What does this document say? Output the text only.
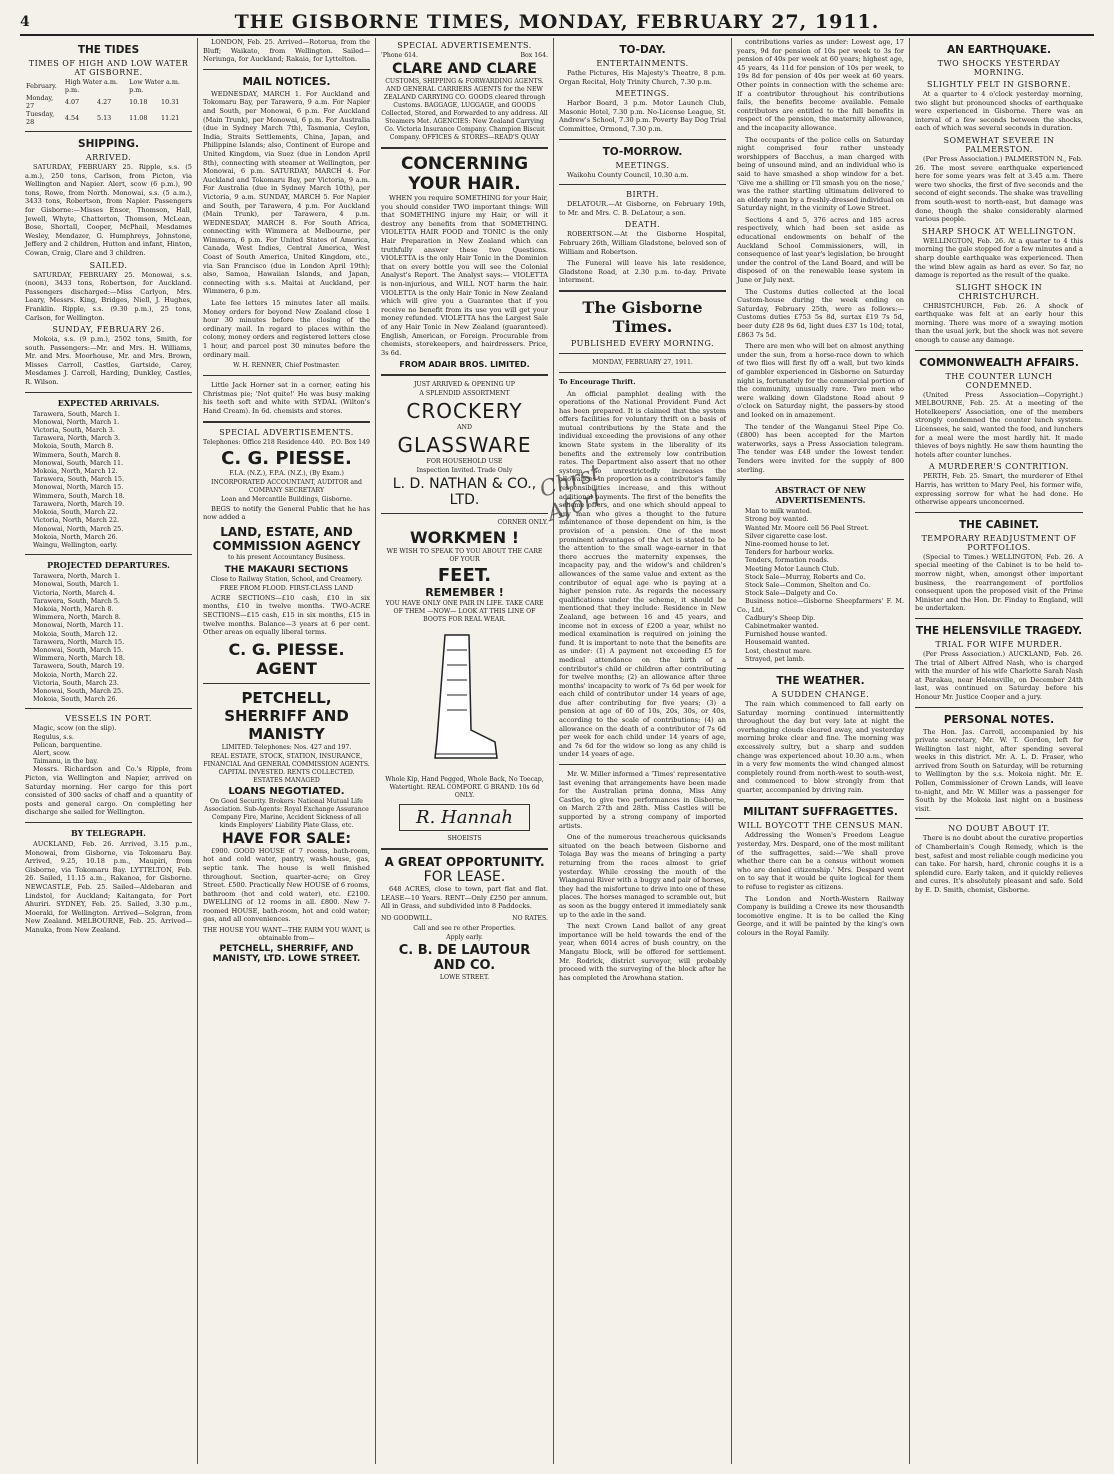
4	THE GISBORNE TIMES, MONDAY, FEBRUARY 27, 1911.
THE TIDES
TIMES OF HIGH AND LOW WATER AT GISBORNE.
February.	High Water a.m. p.m.		Low Water a.m. p.m.	
Monday, 27	4.07	4.27	10.18	10.31
Tuesday, 28	4.54	5.13	11.08	11.21
SHIPPING.
ARRIVED.

SATURDAY, FEBRUARY 25. Ripple, s.s. (5 a.m.), 250 tons, Carlson, from Picton, via Wellington and Napier. Alert, scow (6 p.m.), 90 tons, Rowe, from North. Monowai, s.s. (5 a.m.), 3433 tons, Robertson, from Napier. Passengers for Gisborne:—Misses Ensor, Thomson, Hall, Jewell, Whyte, Chatterton, Thomson, McLean, Bose, Shortall, Cooper, McPhail, Mesdames Wesley, Mendazer, G. Humphreys, Johnstone, Jeffery and 2 children, Hutton and infant, Hinton, Cowan, Craig, Clare and 3 children.

SAILED.

SATURDAY, FEBRUARY 25. Monowai, s.s. (noon), 3433 tons, Robertson, for Auckland. Passengers discharged:—Miss Carlyon, Mrs. Leary, Messrs. King, Bridges, Niell, J. Hughes, Franklin. Ripple, s.s. (9.30 p.m.), 25 tons, Carlson, for Wellington.

SUNDAY, FEBRUARY 26.

Mokoia, s.s. (9 p.m.), 2502 tons, Smith, for south. Passengers:—Mr. and Mrs. H. Williams, Mr. and Mrs. Moorhouse, Mr. and Mrs. Brown, Misses Carroll, Castles, Gartside, Carey, Mesdames J. Carroll, Harding, Dunkley, Castles, R. Wilson.

EXPECTED ARRIVALS.

Tarawera, South, March 1.

Monowai, North, March 1.

Victoria, South, March 3.

Tarawera, North, March 3.

Mokoia, South, March 8.

Wimmera, South, March 8.

Monowai, South, March 11.

Mokoia, North, March 12.

Tarawera, South, March 15.

Monowai, North, March 15.

Wimmera, South, March 18.

Tarawera, North, March 19.

Mokoia, South, March 22.

Victoria, North, March 22.

Monowai, North, March 25.

Mokoia, North, March 26.

Waingu, Wellington, early.

PROJECTED DEPARTURES.

Tarawera, North, March 1.

Monowai, South, March 1.

Victoria, North, March 4.

Tarawera, South, March 5.

Mokoia, North, March 8.

Wimmera, North, March 8.

Monowai, North, March 11.

Mokoia, South, March 12.

Tarawera, North, March 15.

Monowai, South, March 15.

Wimmera, North, March 18.

Tarawera, South, March 19.

Mokoia, North, March 22.

Victoria, South, March 23.

Monowai, South, March 25.

Mokoia, South, March 26.

VESSELS IN PORT.

Magic, scow (on the slip).

Regulus, s.s.

Pelican, barquentine.

Alert, scow.

Taimanu, in the bay.

Messrs. Richardson and Co.'s Ripple, from Picton, via Wellington and Napier, arrived on Saturday morning. Her cargo for this port consisted of 300 sacks of chaff and a quantity of posts and general cargo. On completing her discharge she sailed for Wellington.

BY TELEGRAPH.

AUCKLAND, Feb. 26. Arrived, 3.15 p.m., Monowai, from Gisborne, via Tokomaru Bay. Arrived, 9.25, 10.18 p.m., Maupiri, from Gisborne, via Tokomaru Bay. LYTTELTON, Feb. 26. Sailed, 11.15 a.m., Rakanoa, for Gisborne. NEWCASTLE, Feb. 25. Sailed—Aldebaran and Lindstol, for Auckland; Kaitangata, for Port Ahuriri. SYDNEY, Feb. 25. Sailed, 3.30 p.m., Moeraki, for Wellington. Arrived—Solgran, from New Zealand. MELBOURNE, Feb. 25. Arrived—Manuka, from New Zealand.

LONDON, Feb. 25. Arrived—Rotorua, from the Bluff; Waikato, from Wellington. Sailed—Neriunga, for Auckland; Rakaia, for Lyttelton.

MAIL NOTICES.

WEDNESDAY, MARCH 1. For Auckland and Tokomaru Bay, per Tarawera, 9 a.m. For Napier and South, per Monowai, 6 p.m. For Auckland (Main Trunk), per Monowai, 6 p.m. For Australia (due in Sydney March 7th), Tasmania, Ceylon, India, Straits Settlements, China, Japan, and Philippine Islands; also, Continent of Europe and United Kingdom, via Suez (due in London April 8th), connecting with steamer at Wellington, per Monowai, 6 p.m. SATURDAY, MARCH 4. For Auckland and Tokomaru Bay, per Victoria, 9 a.m. For Australia (due in Sydney March 10th), per Victoria, 9 a.m. SUNDAY, MARCH 5. For Napier and South, per Tarawera, 4 p.m. For Auckland (Main Trunk), per Tarawera, 4 p.m. WEDNESDAY, MARCH 8. For South Africa, connecting with Wimmera at Melbourne, per Wimmera, 6 p.m. For United States of America, Canada, West Indies, Central America, West Coast of South America, United Kingdom, etc., via San Francisco (due in London April 19th); also, Samoa, Hawaiian Islands, and Japan, connecting with s.s. Maitai at Auckland, per Wimmera, 6 p.m.

Late fee letters 15 minutes later all mails. Money orders for beyond New Zealand close 1 hour 30 minutes before the closing of the ordinary mail. In regard to places within the colony, money orders and registered letters close 1 hour, and parcel post 30 minutes before the ordinary mail.

W. H. RENNER, Chief Postmaster.

Little Jack Horner sat in a corner, eating his Christmas pie; 'Not quite!' He was busy making his teeth soft and white with SYDAL (Wilton's Hand Cream). In 6d. chemists and stores.

SPECIAL ADVERTISEMENTS.
Telephones: Office 218 Residence 440. P.O. Box 149
C. G. PIESSE.

F.I.A. (N.Z.), F.P.A. (N.Z.), (By Exam.)

INCORPORATED ACCOUNTANT, AUDITOR and COMPANY SECRETARY

Loan and Mercantile Buildings, Gisborne.

BEGS to notify the General Public that he has now added a

LAND, ESTATE, AND COMMISSION AGENCY

to his present Accountancy Business.

THE MAKAURI SECTIONS

Close to Railway Station, School, and Creamery.

FREE FROM FLOOD. FIRST-CLASS LAND

ACRE SECTIONS—£10 cash, £10 in six months, £10 in twelve months. TWO-ACRE SECTIONS—£15 cash, £15 in six months, £15 in twelve months. Balance—3 years at 6 per cent. Other areas on equally liberal terms.

C. G. PIESSE. AGENT
PETCHELL, SHERRIFF AND MANISTY

LIMITED. Telephones: Nos. 427 and 197.

REAL ESTATE, STOCK, STATION, INSURANCE, FINANCIAL And GENERAL COMMISSION AGENTS. CAPITAL INVESTED. RENTS COLLECTED. ESTATES MANAGED

LOANS NEGOTIATED.

On Good Security. Brokers: National Mutual Life Association. Sub-Agents: Royal Exchange Assurance Company Fire, Marine, Accident Sickness of all kinds Employers' Liability Plate Glass, etc.

HAVE FOR SALE:

£900. GOOD HOUSE of 7 rooms, bath-room, hot and cold water, pantry, wash-house, gas, septic tank. The house is well finished throughout. Section, quarter-acre; on Grey Street. £500. Practically New HOUSE of 6 rooms, bathroom (hot and cold water), etc. £2100. DWELLING of 12 rooms in all. £800. New 7-roomed HOUSE, bath-room, hot and cold water; gas, and all conveniences.

THE HOUSE YOU WANT—THE FARM YOU WANT, is obtainable from—

PETCHELL, SHERRIFF, AND MANISTY, LTD. LOWE STREET.
SPECIAL ADVERTISEMENTS.
'Phone 614.	Box 164.
CLARE AND CLARE

CUSTOMS, SHIPPING & FORWARDING AGENTS. AND GENERAL CARRIERS AGENTS for the NEW ZEALAND CARRYING CO. GOODS cleared through Customs. BAGGAGE, LUGGAGE, and GOODS Collected, Stored, and Forwarded to any address. All Steamers Met. AGENCIES: New Zealand Carrying Co. Victoria Insurance Company. Champion Biscuit Company. OFFICES & STORES—READ'S QUAY

CONCERNING YOUR HAIR.

WHEN you require SOMETHING for your Hair, you should consider TWO important things: Will that SOMETHING injure my Hair, or will it destroy any benefits from that SOMETHING. VIOLETTA HAIR FOOD and TONIC is the only Hair Preparation in New Zealand which can truthfully answer these two Questions. VIOLETTA is the only Hair Tonic in the Dominion that on every bottle you will see the Colonial Analyst's Report. The Analyst says:— VIOLETTA is non-injurious, and WILL NOT harm the hair. VIOLETTA is the only Hair Tonic in New Zealand which will give you a Guarantee that if you receive no benefit from its use you will get your money refunded. VIOLETTA has the Largest Sale of any Hair Tonic in New Zealand (guaranteed). English, American, or Foreign. Procurable from chemists, storekeepers, and hairdressers. Price, 3s 6d.

FROM ADAIR BROS. LIMITED.

JUST ARRIVED & OPENING UP

A SPLENDID ASSORTMENT

CROCKERY

AND

GLASSWARE

FOR HOUSEHOLD USE

Inspection Invited. Trade Only

L. D. NATHAN & CO., LTD.

CORNER ONLY.

WORKMEN !

WE WISH TO SPEAK TO YOU ABOUT THE CARE OF YOUR

FEET.
REMEMBER !

YOU HAVE ONLY ONE PAIR IN LIFE. TAKE CARE OF THEM —NOW— LOOK AT THIS LINE OF BOOTS FOR REAL WEAR.

Whole Kip, Hand Pegged, Whole Back, No Toecap, Watertight. REAL COMFORT. G BRAND. 10s 6d ONLY.

R. Hannah

SHOEISTS

A GREAT OPPORTUNITY.
FOR LEASE.

648 ACRES, close to town, part flat and flat. LEASE—10 Years. RENT—Only £250 per annum. All in Grass, and subdivided into 8 Paddocks.

NO GOODWILL.	NO RATES.

Call and see re other Properties.

Apply early.

C. B. DE LAUTOUR AND CO.

LOWE STREET.

TO-DAY.
ENTERTAINMENTS.

Pathe Pictures, His Majesty's Theatre, 8 p.m. Organ Recital, Holy Trinity Church, 7.30 p.m.

MEETINGS.

Harbor Board, 3 p.m. Motor Launch Club, Masonic Hotel, 7.30 p.m. No-License League, St. Andrew's School, 7.30 p.m. Poverty Bay Dog Trial Committee, Ormond, 7.30 p.m.

TO-MORROW.
MEETINGS.

Waikohu County Council, 10.30 a.m.

BIRTH.

DELATOUR.—At Gisborne, on February 19th, to Mr. and Mrs. C. B. DeLatour, a son.

DEATH.

ROBERTSON.—At the Gisborne Hospital, February 26th, William Gladstone, beloved son of William and Robertson.

The Funeral will leave his late residence, Gladstone Road, at 2.30 p.m. to-day. Private interment.

The Gisborne Times.
PUBLISHED EVERY MORNING.

MONDAY, FEBRUARY 27, 1911.

To Encourage Thrift.

An official pamphlet dealing with the operations of the National Provident Fund Act has been prepared. It is claimed that the system offers facilities for voluntary thrift on a basis of mutual contributions by the State and the individual exceeding the provisions of any other known State system in the liberality of its benefits and the extremely low contribution rates. The Department also assert that no other system so unrestrictedly increases the allowances in proportion as a contributor's family responsibilities increase, and this without additional payments. The first of the benefits the scheme offers, and one which should appeal to any man who gives a thought to the future maintenance of those dependent on him, is the provision of a pension. One of the most prominent advantages of the Act is stated to be the attention to the small wage-earner in that there accrues the maternity expenses, the incapacity pay, and the widow's and children's allowances of the same value and extent as the contributor of equal age who is paying at a higher pension rate. As regards the necessary qualifications under the scheme, it should be mentioned that they include: Residence in New Zealand, age between 16 and 45 years, and income not in excess of £200 a year, whilst no medical examination is required on joining the fund. It is important to note that the benefits are as under: (1) A payment not exceeding £5 for medical attendance on the birth of a contributor's child or children after contributing for twelve months; (2) an allowance after three months' incapacity to work of 7s 6d per week for each child of contributor under 14 years of age, due after contributing for five years; (3) a pension at age of 60 of 10s, 20s, 30s, or 40s, according to the scale of contributions; (4) an allowance on the death of a contributor of 7s 6d per week for each child under 14 years of age, and 7s 6d for the widow so long as any child is under 14 years of age.

Mr. W. Miller informed a 'Times' representative last evening that arrangements have been made for the Australian prima donna, Miss Amy Castles, to give two performances in Gisborne, on March 27th and 28th. Miss Castles will be supported by a strong company of imported artists.

One of the numerous treacherous quicksands situated on the beach between Gisborne and Tolaga Bay was the means of bringing a party returning from the races almost to grief yesterday. While crossing the mouth of the Wianganui River with a buggy and pair of horses, they had the misfortune to drive into one of these places. The horses managed to scramble out, but as soon as the buggy entered it immediately sank up to the axle in the sand.

The next Crown Land ballot of any great importance will be held towards the end of the year, when 6014 acres of bush country, on the Mangatu Block, will be offered for settlement. Mr. Rodrick, district surveyor, will probably proceed with the surveying of the block after he has completed the Arowhana station.

contributions varies as under: Lowest age, 17 years, 9d for pension of 10s per week to 3s for pension of 40s per week at 60 years; highest age, 45 years, 4s 11d for pension of 10s per week, to 19s 8d for pension of 40s per week at 60 years. Other points in connection with the scheme are: If a contributor throughout his contributions fails, the benefits become available. Female contributors are entitled to the full benefits in respect of the pension, the maternity allowance, and the incapacity allowance.

The occupants of the police cells on Saturday night comprised four rather unsteady worshippers of Bacchus, a man charged with being of unsound mind, and an individual who is said to have smashed a shop window for a bet. 'Give me a shilling or I'll smash you on the nose,' was the rather startling ultimatum delivered to an elderly man by a freshly-dressed individual on Saturday night, in the vicinity of Lowe Street.

Sections 4 and 5, 376 acres and 185 acres respectively, which had been set aside as educational endowments on behalf of the Auckland School Commissioners, will, in consequence of last year's legislation, be brought under the control of the Land Board, and will be disposed of on the renewable lease system in June or July next.

The Customs duties collected at the local Custom-house during the week ending on Saturday, February 25th, were as follows:—Customs duties £753 5s 8d, surtax £19 7s 5d, beer duty £28 9s 6d, light dues £37 1s 10d; total, £863 7s 5d.

There are men who will bet on almost anything under the sun, from a horse-race down to which of two flies will first fly off a wall, but two kinds of gambler experienced in Gisborne on Saturday night is, fortunately for the commercial portion of the community, unusually rare. Two men who were walking down Gladstone Road about 9 o'clock on Saturday night, the passers-by stood and looked on in amazement.

The tender of the Wanganui Steel Pipe Co. (£800) has been accepted for the Marton waterworks, says a Press Association telegram. The tender was £48 under the lowest tender. Tenders were invited for the supply of 800 sterling.

ABSTRACT OF NEW ADVERTISEMENTS.

Man to milk wanted.

Strong boy wanted.

Wanted Mr. Moore cell 56 Peel Street.

Silver cigarette case lost.

Nine-roomed house to let.

Tenders for harbour works.

Tenders, formation roads.

Meeting Motor Launch Club.

Stock Sale—Murray, Roberts and Co.

Stock Sale—Common, Shelton and Co.

Stock Sale—Dalgety and Co.

Business notice—Gisborne Sheepfarmers' F. M. Co., Ltd.

Cadbury's Sheep Dip.

Cabinetmaker wanted.

Furnished house wanted.

Housemaid wanted.

Lost, chestnut mare.

Strayed, pet lamb.

THE WEATHER.
A SUDDEN CHANGE.

The rain which commenced to fall early on Saturday morning continued intermittently throughout the day but very late at night the overhanging clouds cleared away, and yesterday morning broke clear and fine. The morning was excessively sultry, but a sharp and sudden change was experienced about 10.30 a.m., when in a very few moments the wind changed almost completely round from north-west to south-west, and commenced to blow strongly from that quarter, accompanied by driving rain.

MILITANT SUFFRAGETTES.
WILL BOYCOTT THE CENSUS MAN.

Addressing the Women's Freedom League yesterday, Mrs. Despard, one of the most militant of the suffragettes, said:—'We shall prove whether there can be a census without women who are denied citizenship.' Mrs. Despard went on to say that it would be quite logical for them to refuse to register as citizens.

The London and North-Western Railway Company is building a Crewe its new thousandth locomotive engine. It is to be called the King George, and it will be painted by the king's own colours in the Royal Family.

AN EARTHQUAKE.
TWO SHOCKS YESTERDAY MORNING.
SLIGHTLY FELT IN GISBORNE.

At a quarter to 4 o'clock yesterday morning, two slight but pronounced shocks of earthquake were experienced in Gisborne. There was an interval of a few seconds between the shocks, each of which was several seconds in duration.

SOMEWHAT SEVERE IN PALMERSTON.

(Per Press Association.) PALMERSTON N., Feb. 26. The most severe earthquake experienced here for some years was felt at 3.45 a.m. There were two shocks, the first of five seconds and the second of eight seconds. The shake was travelling from south-west to north-east, but damage was done, though the shake considerably alarmed various people.

SHARP SHOCK AT WELLINGTON.

WELLINGTON, Feb. 26. At a quarter to 4 this morning the gale stopped for a few minutes and a sharp double earthquake was experienced. Then the wind blew again as hard as ever. So far, no damage is reported as the result of the quake.

SLIGHT SHOCK IN CHRISTCHURCH.

CHRISTCHURCH, Feb. 26. A shock of earthquake was felt at an early hour this morning. There was more of a swaying motion than the usual jerk, but the shock was not severe enough to cause any damage.

COMMONWEALTH AFFAIRS.
THE COUNTER LUNCH CONDEMNED.

(United Press Association—Copyright.) MELBOURNE, Feb. 25. At a meeting of the Hotelkeepers' Association, one of the members strongly condemned the counter lunch system. Licensees, he said, wanted the food, and lunchers for a meal were the most hardly hit. It made thieves of boys nightly. He saw them haunting the hotels after counter lunches.

A MURDERER'S CONTRITION.

PERTH, Feb. 25. Smart, the murderer of Ethel Harris, has written to Mary Peel, his former wife, expressing sorrow for what he had done. He otherwise appears unconcerned.

THE CABINET.
TEMPORARY READJUSTMENT OF PORTFOLIOS.

(Special to Times.) WELLINGTON, Feb. 26. A special meeting of the Cabinet is to be held to-morrow night, when, amongst other important business, the rearrangement of portfolios consequent upon the proposed visit of the Prime Minister and the Hon. Dr. Finday to England, will be undertaken.

THE HELENSVILLE TRAGEDY.
TRIAL FOR WIFE MURDER.

(Per Press Association.) AUCKLAND, Feb. 26. The trial of Albert Alfred Nash, who is charged with the murder of his wife Charlotte Sarah Nash at Parakau, near Helensville, on December 24th last, was continued on Saturday before his Honour Mr. Justice Cooper and a jury.

PERSONAL NOTES.

The Hon. Jas. Carroll, accompanied by his private secretary, Mr. W. T. Gordon, left for Wellington last night, after spending several weeks in this district. Mr. A. L. D. Fraser, who arrived from South on Saturday, will be returning to Wellington by the s.s. Mokoia night. Mr. E. Pollen, Commissioner of Crown Lands, will leave to-night, and Mr. W. Miller was a passenger for South by the Mokoia last night on a business visit.

NO DOUBT ABOUT IT.

There is no doubt about the curative properties of Chamberlain's Cough Remedy, which is the best, safest and most reliable cough medicine you can take. For harsh, hard, chronic coughs it is a splendid cure. Early taken, and it quickly relieves and cures. It's absolutely pleasant and safe. Sold by E. D. Smith, chemist, Gisborne.

Chrst Aforl
